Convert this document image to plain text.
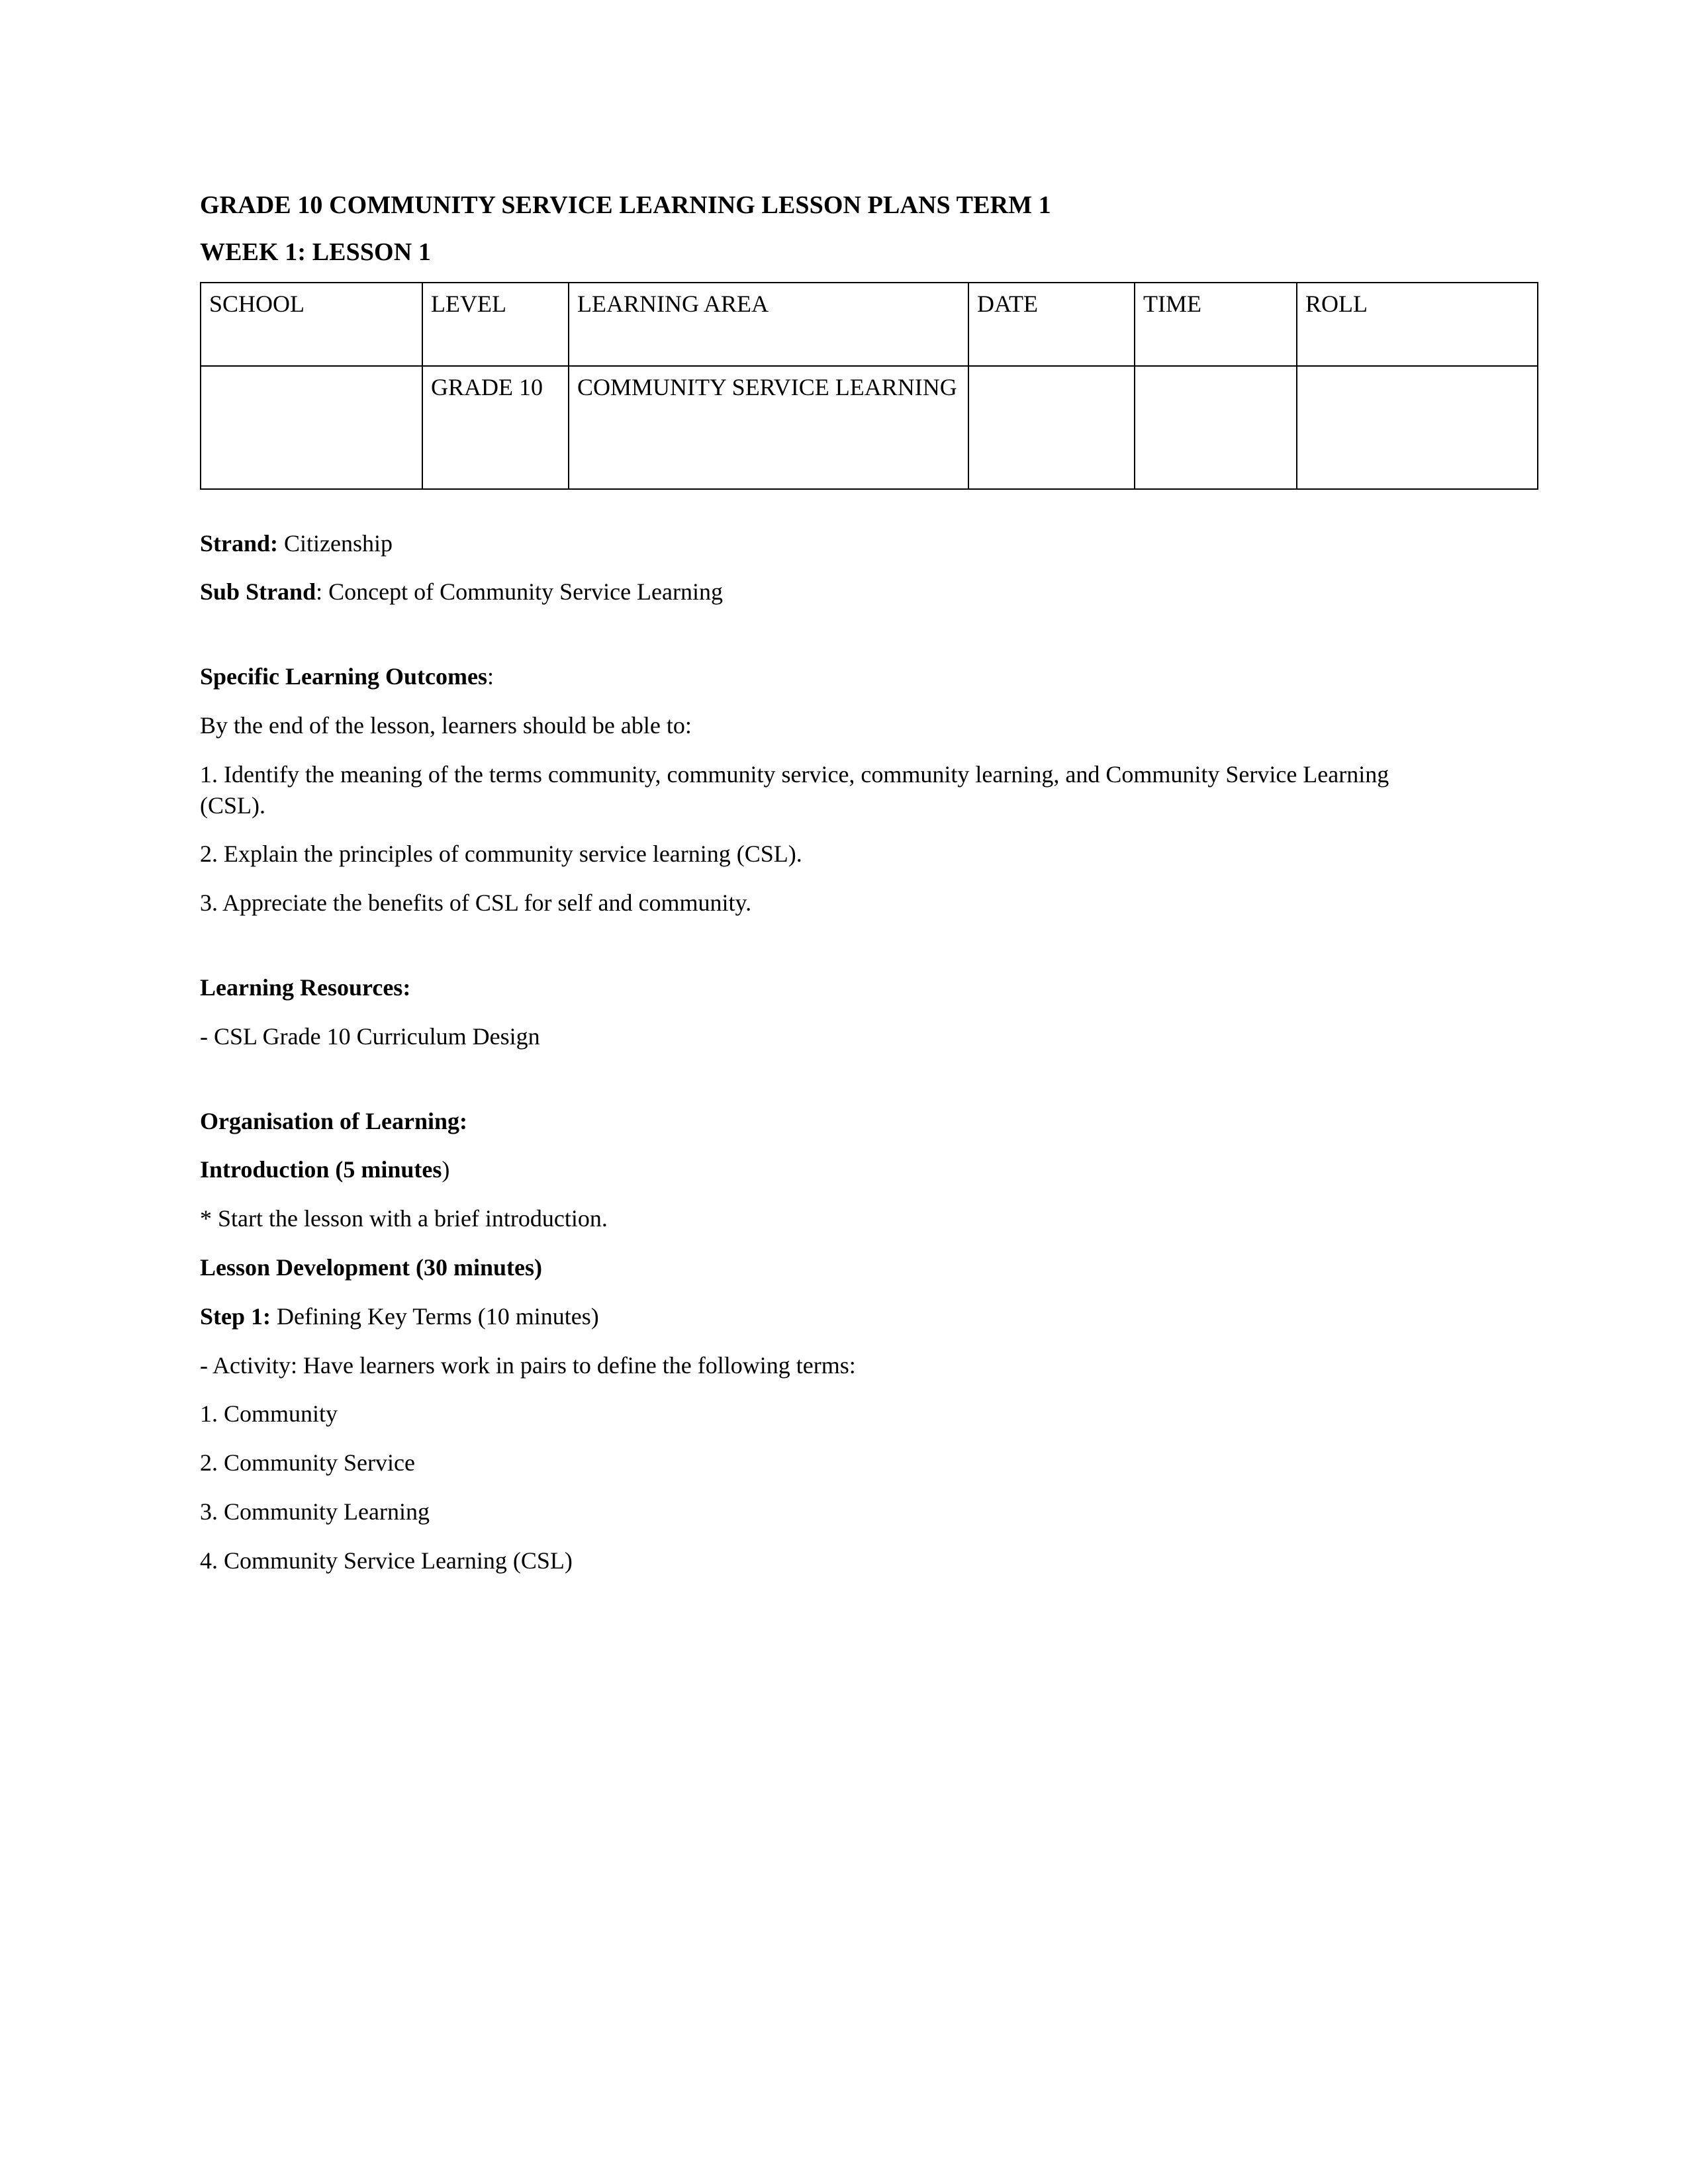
GRADE 10 COMMUNITY SERVICE LEARNING LESSON PLANS TERM 1
WEEK 1: LESSON 1
SCHOOL	LEVEL	LEARNING AREA	DATE	TIME	ROLL
	GRADE 10	COMMUNITY SERVICE LEARNING			

Strand: Citizenship

Sub Strand: Concept of Community Service Learning

Specific Learning Outcomes:

By the end of the lesson, learners should be able to:

1. Identify the meaning of the terms community, community service, community learning, and Community Service Learning (CSL).

2. Explain the principles of community service learning (CSL).

3. Appreciate the benefits of CSL for self and community.

Learning Resources:

- CSL Grade 10 Curriculum Design

Organisation of Learning:

Introduction (5 minutes)

* Start the lesson with a brief introduction.

Lesson Development (30 minutes)

Step 1: Defining Key Terms (10 minutes)

- Activity: Have learners work in pairs to define the following terms:

1. Community

2. Community Service

3. Community Learning

4. Community Service Learning (CSL)
